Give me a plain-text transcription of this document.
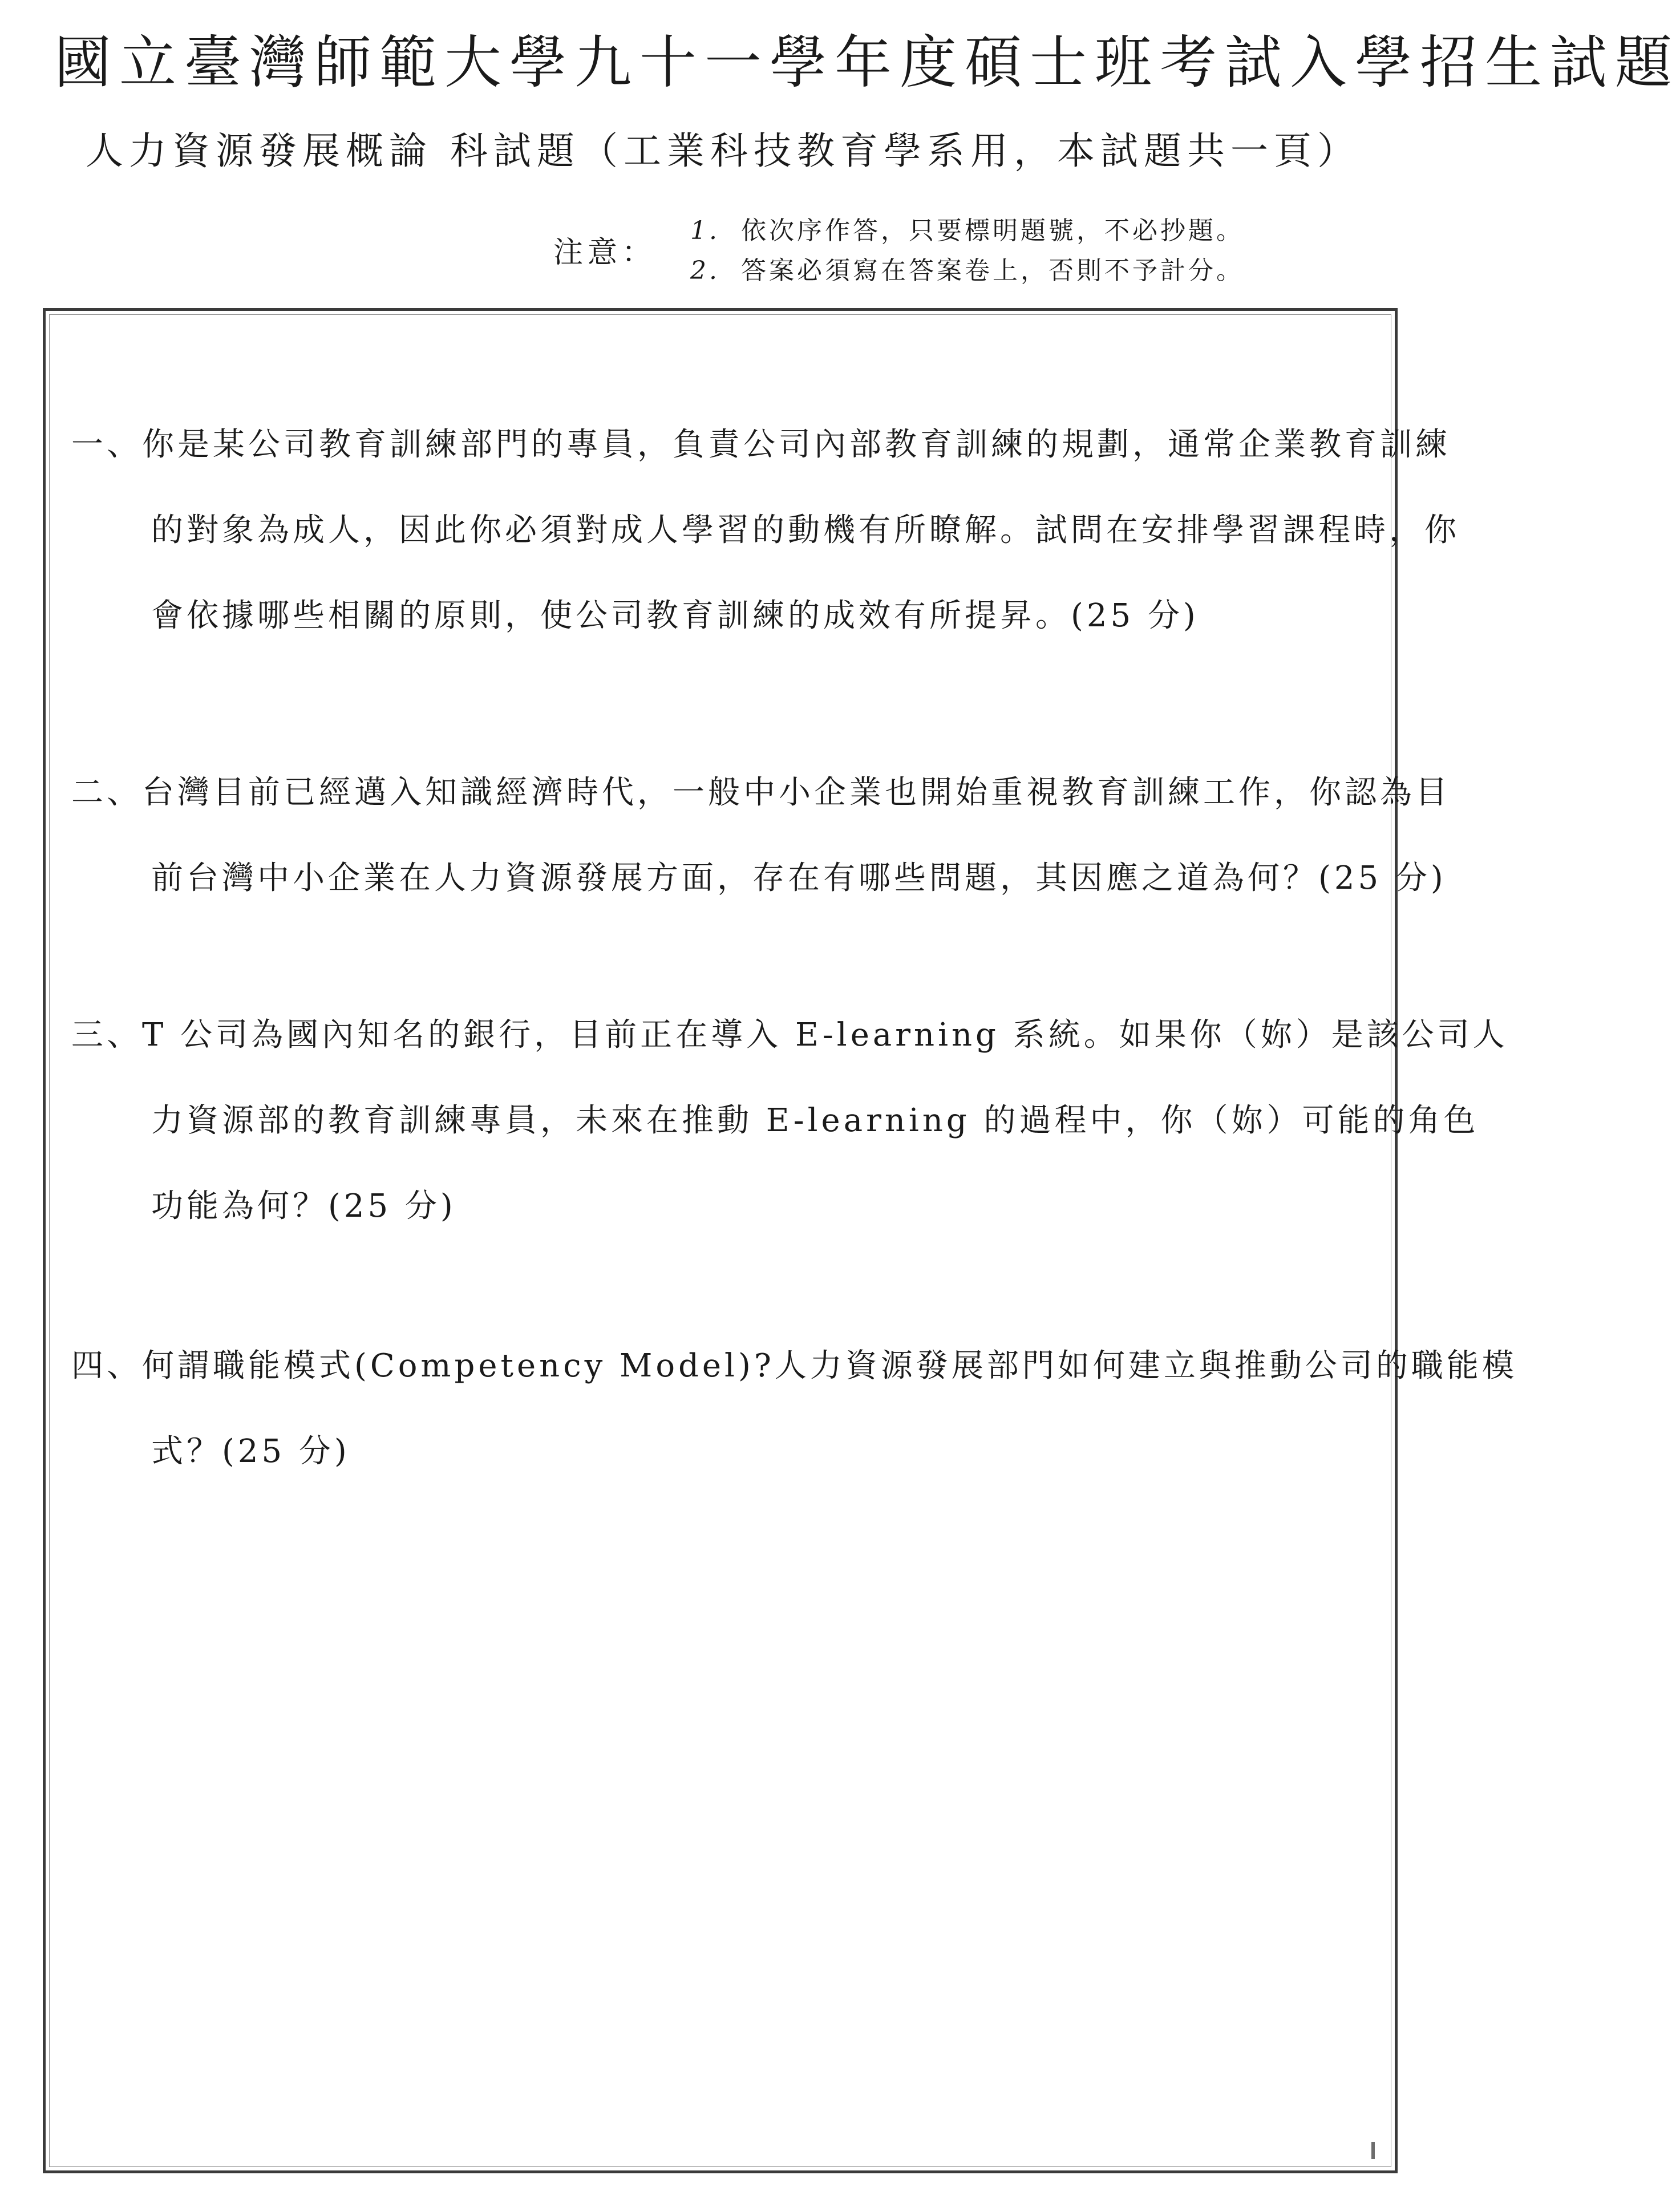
國立臺灣師範大學九十一學年度碩士班考試入學招生試題
人力資源發展概論 科試題（工業科技教育學系用，本試題共一頁）
注意：
1. 依次序作答，只要標明題號，不必抄題。
2. 答案必須寫在答案卷上，否則不予計分。
一、你是某公司教育訓練部門的專員，負責公司內部教育訓練的規劃，通常企業教育訓練
的對象為成人，因此你必須對成人學習的動機有所瞭解。試問在安排學習課程時，你
會依據哪些相關的原則，使公司教育訓練的成效有所提昇。(25 分)
二、台灣目前已經邁入知識經濟時代，一般中小企業也開始重視教育訓練工作，你認為目
前台灣中小企業在人力資源發展方面，存在有哪些問題，其因應之道為何？(25 分)
三、T 公司為國內知名的銀行，目前正在導入 E-learning 系統。如果你（妳）是該公司人
力資源部的教育訓練專員，未來在推動 E-learning 的過程中，你（妳）可能的角色
功能為何？(25 分)
四、何謂職能模式(Competency Model)?人力資源發展部門如何建立與推動公司的職能模
式？(25 分)
